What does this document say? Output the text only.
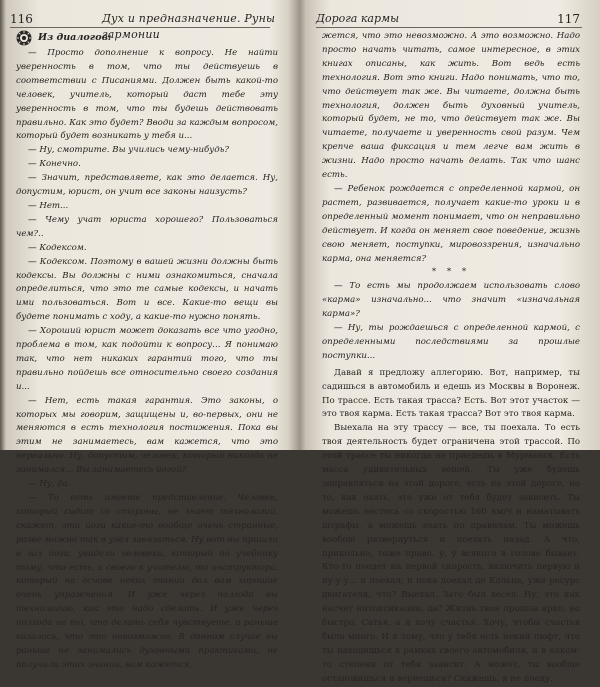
116	Дух и предназначение. Руны гармонии
Из диалогов:

— Просто дополнение к вопросу. Не найти уверенность в том, что ты действуешь в соответствии с Писаниями. Должен быть какой-то человек, учитель, который даст тебе эту уверенность в том, что ты будешь действовать правильно. Как это будет? Вводи за каждым вопросом, который будет возникать у тебя и...

— Ну, смотрите. Вы учились чему-нибудь?

— Конечно.

— Значит, представляете, как это делается. Ну, допустим, юрист, он учит все законы наизусть?

— Нет...

— Чему учат юриста хорошего? Пользоваться чем?..

— Кодексом.

— Кодексом. Поэтому в вашей жизни должны быть кодексы. Вы должны с ними ознакомиться, сначала определиться, что это те самые кодексы, и начать ими пользоваться. Вот и все. Какие-то вещи вы будете понимать с ходу, а какие-то нужно понять.

— Хороший юрист может доказать все что угодно, проблема в том, как подойти к вопросу... Я понимаю так, что нет никаких гарантий того, что ты правильно пойдешь все относительно своего создания и...

— Нет, есть такая гарантия. Это законы, о которых мы говорим, защищены и, во-первых, они не меняются в есть технология постижения. Пока вы этим не занимаетесь, вам кажется, что это нереально. Ну, допустим, человек, который никогда не занимался... Вы занимаетесь йогой?

— Ну, да.

— То есть имеете представление. Человек, который сидит со стороны, не знает технологии, скажет, эти йоги какие-то вообще очень странные, разве можно так в узел завязаться. Ну вот вы пришли в зал йоги, увидели человека, который по учебнику тому, что есть, а своего к учителю, то инструктора, который на основе неких знаний дал вам хорошие очень упражнения. И уже через полгода вы технологию, как это надо сделать. И уже через полгода не то, что делать себя чувствуете, а раньше казалось, что это невозможно. В данном случае вы раньше не занимались духовными практиками, не получили этих знаний, вам кажется,

Дорога кармы	117

жется, что это невозможно. А это возможно. Надо просто начать читать, самое интересное, в этих книгах описаны, как жить. Вот ведь есть технология. Вот это книги. Надо понимать, что то, что действует так же. Вы читаете, должна быть технология, должен быть духовный учитель, который будет, не то, что действует так же. Вы читаете, получаете и уверенность свой разум. Чем крепче ваша фиксация и тем легче вам жить в жизни. Надо просто начать делать. Так что шанс есть.

— Ребенок рождается с определенной кармой, он растет, развивается, получает какие-то уроки и в определенный момент понимает, что он неправильно действует. И когда он меняет свое поведение, жизнь свою меняет, поступки, мировоззрения, изначально карма, она меняется?

* * *

— То есть мы продолжаем использовать слово «карма» изначально... что значит «изначальная карма»?

— Ну, ты рождаешься с определенной кармой, с определенными последствиями за прошлые поступки...

Давай я предложу аллегорию. Вот, например, ты садишься в автомобиль и едешь из Москвы в Воронеж. По трассе. Есть такая трасса? Есть. Вот этот участок — это твоя карма. Есть такая трасса? Вот это твоя карма.

Выехала на эту трассу — все, ты поехала. То есть твоя деятельность будет ограничена этой трассой. По этой трассе ты никогда не приедешь в Мурманск. Есть масса удивительных вещей. Ты уже будешь заправляться на этой дороге, есть на этой дороге, но то, как ехать, это уже от тебя будет зависеть. Ты можешь нестись со скоростью 160 км/ч и наматывать штрафы, а можешь ехать по правилам. Ты можешь вообще развернуться и поехать назад. А что, прикольно, тоже право. у, у всякого в голове бывает. Кто-то поедет на первой скорость, включить первую и ну-у-у... и поехал, и пока доехал до Кольца, уже ресурс двигателя, что? Выехал. Зато был весел. Ну, это как насчет интоксикации, да? Жизнь твоя прошла ярко, но быстро. Сатья, а я хочу счастья. Хочу, чтобы счастья было много. И я тому, что у тебя есть некий люфт, что ты находишься в рамках своего автомобиля, и в каком-то степени от тебя зависит. А может, ты вообще остановишься и вернешься? Скажешь, я не поеду.
